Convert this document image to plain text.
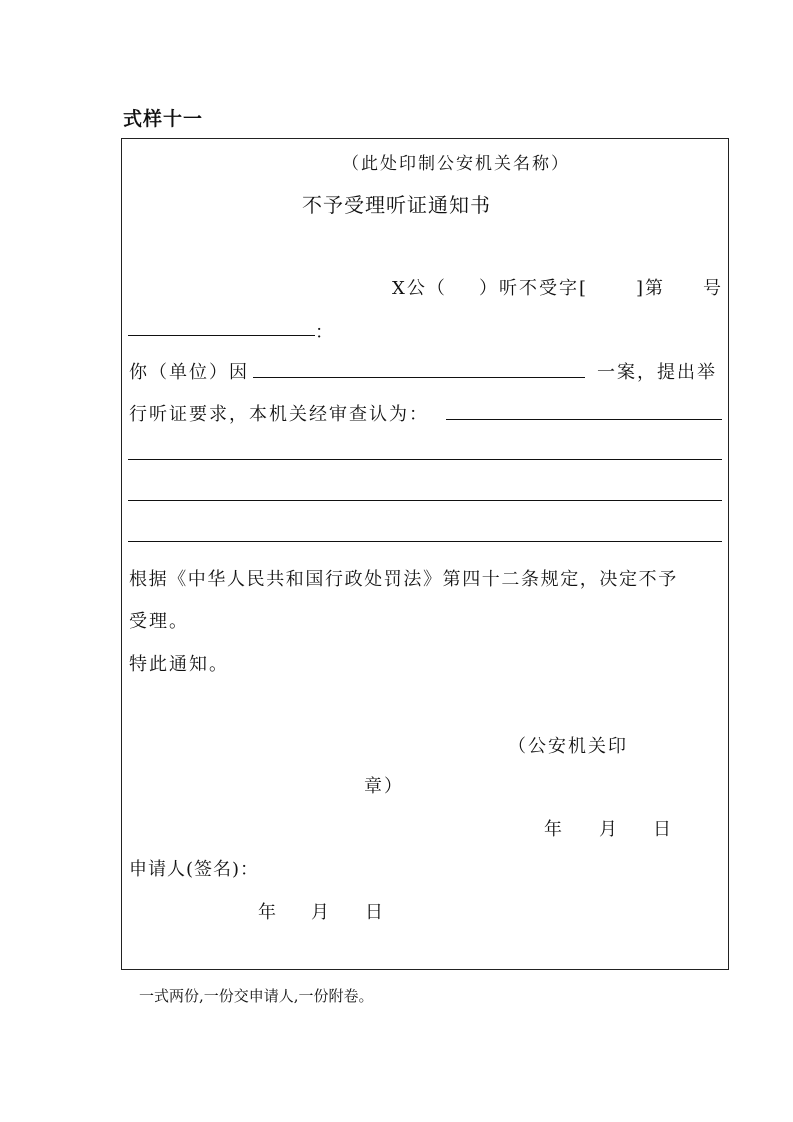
式样十一
（此处印制公安机关名称）
不予受理听证通知书
X公（ ）听不受字[	]第 号
：
你（单位）因	一案，提出举
行听证要求，本机关经审查认为：
根据《中华人民共和国行政处罚法》第四十二条规定，决定不予
受理。
特此通知。
（公安机关印
章）
年 月 日
申请人(签名)：
年 月 日
一式两份,一份交申请人,一份附卷。
